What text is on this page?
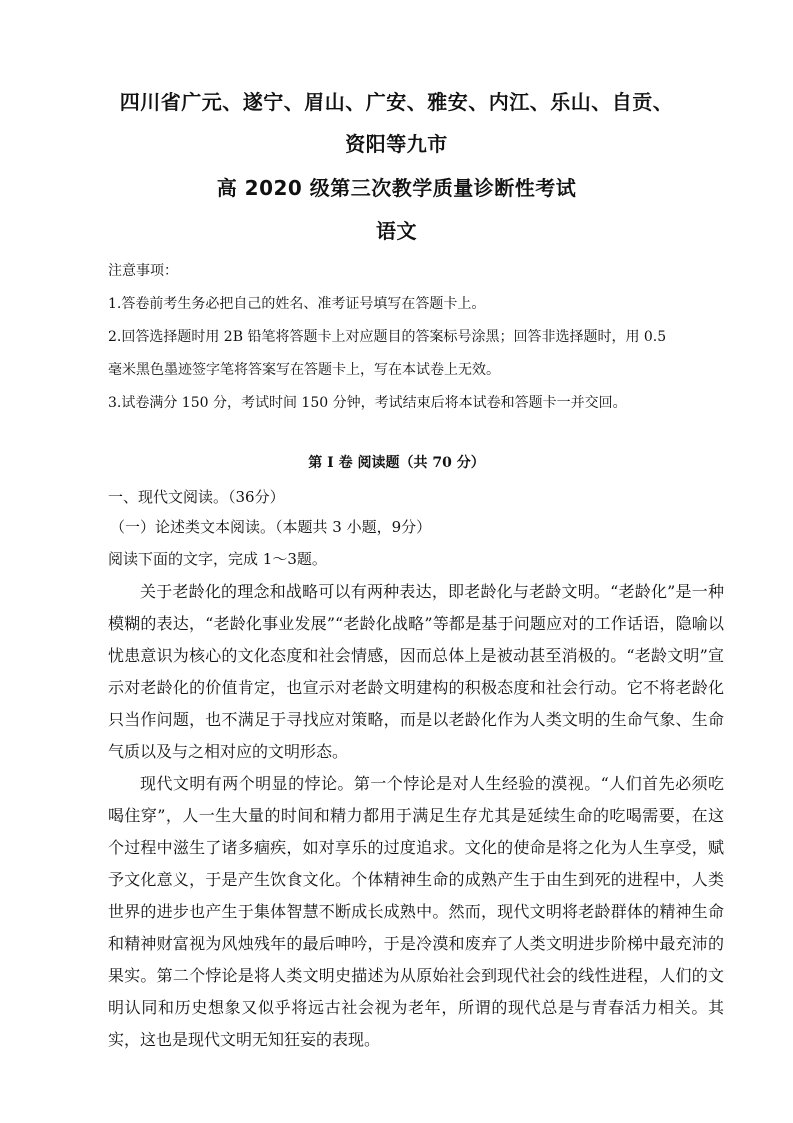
四川省广元、遂宁、眉山、广安、雅安、内江、乐山、自贡、
资阳等九市
高 2020 级第三次教学质量诊断性考试
语文
注意事项：
1.答卷前考生务必把自己的姓名、准考证号填写在答题卡上。
2.回答选择题时用 2B 铅笔将答题卡上对应题目的答案标号涂黑；回答非选择题时，用 0.5
毫米黑色墨迹签字笔将答案写在答题卡上，写在本试卷上无效。
3.试卷满分 150 分，考试时间 150 分钟，考试结束后将本试卷和答题卡一并交回。
第 I 卷 阅读题（共 70 分）
一、现代文阅读。（36分）
（一）论述类文本阅读。（本题共 3 小题，9分）
阅读下面的文字，完成 1～3题。
关于老龄化的理念和战略可以有两种表达，即老龄化与老龄文明。“老龄化”是一种模糊的表达，“老龄化事业发展”“老龄化战略”等都是基于问题应对的工作话语，隐喻以忧患意识为核心的文化态度和社会情感，因而总体上是被动甚至消极的。“老龄文明”宣示对老龄化的价值肯定，也宣示对老龄文明建构的积极态度和社会行动。它不将老龄化只当作问题，也不满足于寻找应对策略，而是以老龄化作为人类文明的生命气象、生命气质以及与之相对应的文明形态。
现代文明有两个明显的悖论。第一个悖论是对人生经验的漠视。“人们首先必须吃喝住穿”，人一生大量的时间和精力都用于满足生存尤其是延续生命的吃喝需要，在这个过程中滋生了诸多痼疾，如对享乐的过度追求。文化的使命是将之化为人生享受，赋予文化意义，于是产生饮食文化。个体精神生命的成熟产生于由生到死的进程中，人类世界的进步也产生于集体智慧不断成长成熟中。然而，现代文明将老龄群体的精神生命和精神财富视为风烛残年的最后呻吟，于是冷漠和废弃了人类文明进步阶梯中最充沛的果实。第二个悖论是将人类文明史描述为从原始社会到现代社会的线性进程，人们的文明认同和历史想象又似乎将远古社会视为老年，所谓的现代总是与青春活力相关。其实，这也是现代文明无知狂妄的表现。
